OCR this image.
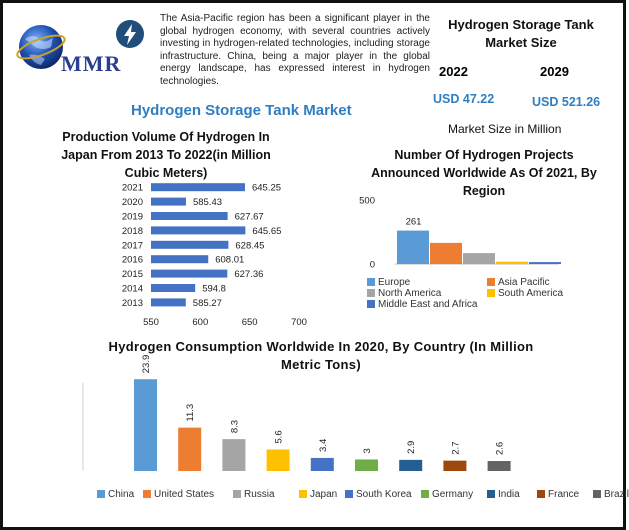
MMR
The Asia-Pacific region has been a significant player in the global hydrogen economy, with several countries actively investing in hydrogen-related technologies, including storage infrastructure. China, being a major player in the global energy landscape, has expressed interest in hydrogen technologies.
Hydrogen Storage Tank Market
Hydrogen Storage Tank Market Size
2022	2029
USD 47.22	USD 521.26
Market Size in Million
Production Volume Of Hydrogen In Japan From 2013 To 2022(in Million Cubic Meters)
2021	645.25
2020	585.43
2019	627.67
2018	645.65
2017	628.45
2016	608.01
2015	627.36
2014	594.8
2013	585.27
550	600	650	700
Number Of Hydrogen Projects Announced Worldwide As Of 2021, By Region
0
500
261
Europe	Asia Pacific
North America	South America
Middle East and Africa
Hydrogen Consumption Worldwide In 2020, By Country (In Million Metric Tons)
23.9
11.3
8.3
5.6
3.4	3	2.9	2.7	2.6
China	United States	Russia	Japan	South Korea	Germany	India	France	Brazil
